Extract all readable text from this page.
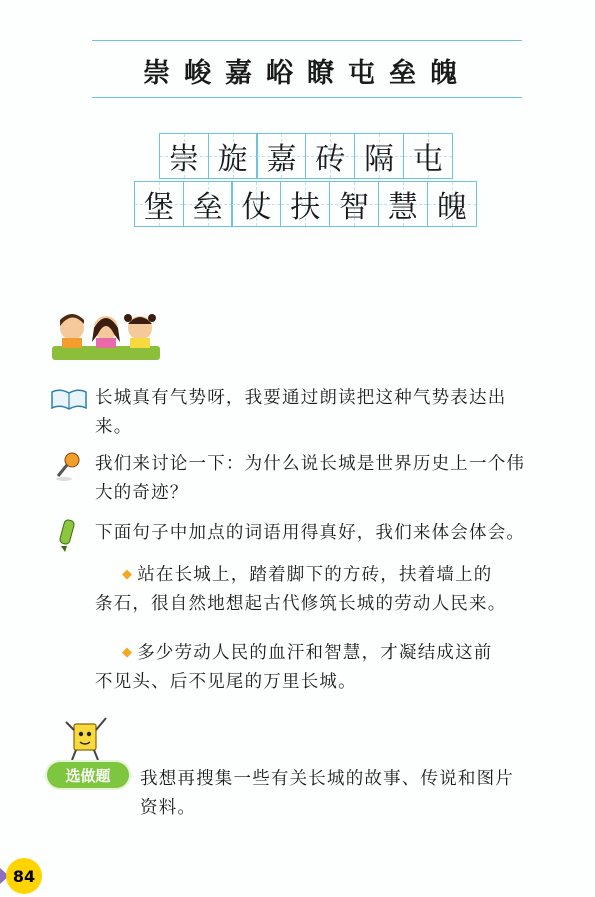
崇峻嘉峪瞭屯垒魄
崇 旋 嘉 砖 隔 屯
堡 垒 仗 扶 智 慧 魄
长城真有气势呀，我要通过朗读把这种气势表达出
来。
我们来讨论一下：为什么说长城是世界历史上一个伟
大的奇迹？
下面句子中加点的词语用得真好，我们来体会体会。
◆ 站在长城上，踏着脚下的方砖，扶着墙上的
条石，很自然地想起古代修筑长城的劳动人民来。
◆ 多少劳动人民的血汗和智慧，才凝结成这前
不见头、后不见尾的万里长城。
选做题	我想再搜集一些有关长城的故事、传说和图片
资料。
84
